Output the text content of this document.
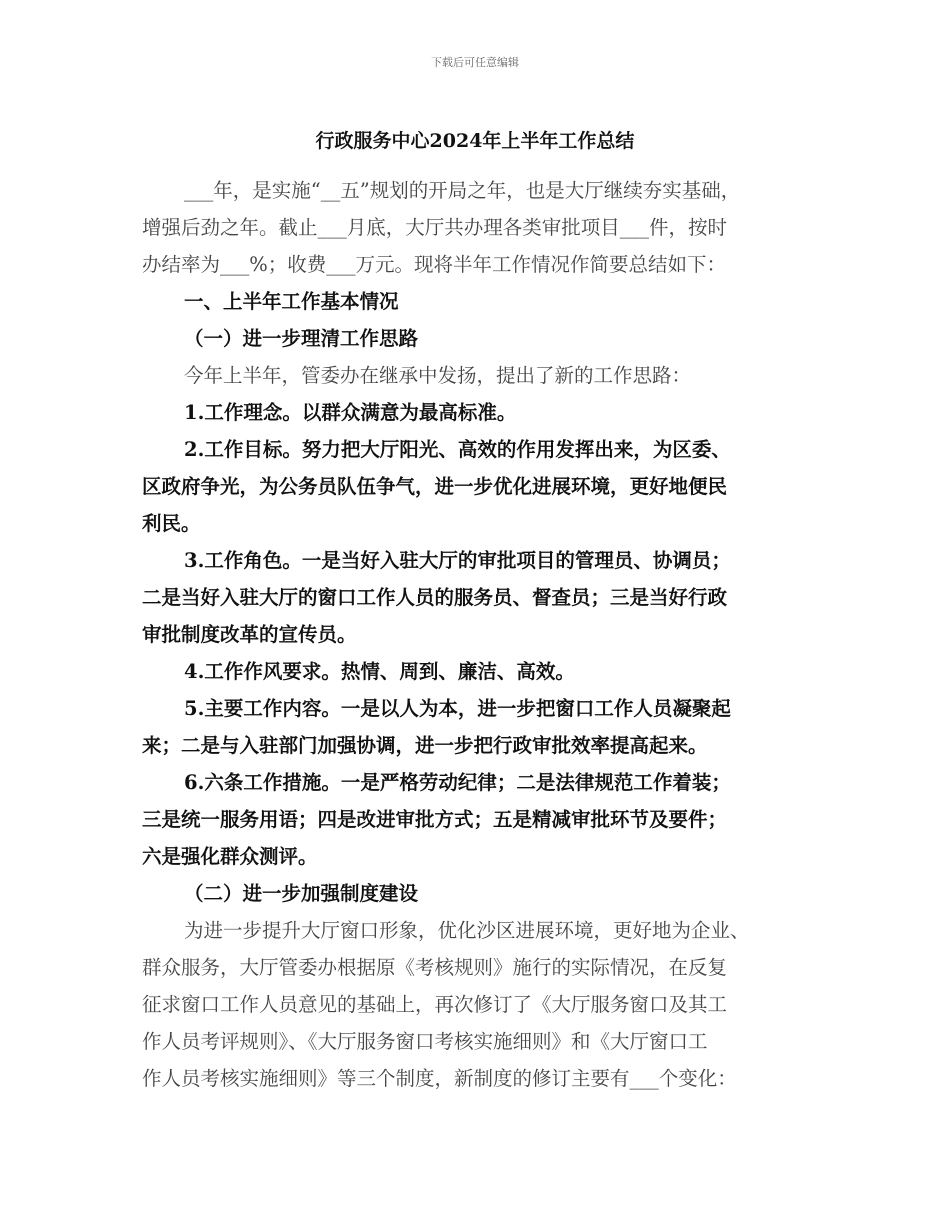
下载后可任意编辑
行政服务中心2024年上半年工作总结
___年，是实施“__五”规划的开局之年，也是大厅继续夯实基础，
增强后劲之年。截止___月底，大厅共办理各类审批项目___件，按时
办结率为___%；收费___万元。现将半年工作情况作简要总结如下：
一、上半年工作基本情况
（一）进一步理清工作思路
今年上半年，管委办在继承中发扬，提出了新的工作思路：
1.工作理念。以群众满意为最高标准。
2.工作目标。努力把大厅阳光、高效的作用发挥出来，为区委、
区政府争光，为公务员队伍争气，进一步优化进展环境，更好地便民
利民。
3.工作角色。一是当好入驻大厅的审批项目的管理员、协调员；
二是当好入驻大厅的窗口工作人员的服务员、督查员；三是当好行政
审批制度改革的宣传员。
4.工作作风要求。热情、周到、廉洁、高效。
5.主要工作内容。一是以人为本，进一步把窗口工作人员凝聚起
来；二是与入驻部门加强协调，进一步把行政审批效率提高起来。
6.六条工作措施。一是严格劳动纪律；二是法律规范工作着装；
三是统一服务用语；四是改进审批方式；五是精减审批环节及要件；
六是强化群众测评。
（二）进一步加强制度建设
为进一步提升大厅窗口形象，优化沙区进展环境，更好地为企业、
群众服务，大厅管委办根据原《考核规则》施行的实际情况，在反复
征求窗口工作人员意见的基础上，再次修订了《大厅服务窗口及其工
作人员考评规则》、《大厅服务窗口考核实施细则》和《大厅窗口工
作人员考核实施细则》等三个制度，新制度的修订主要有___个变化：
